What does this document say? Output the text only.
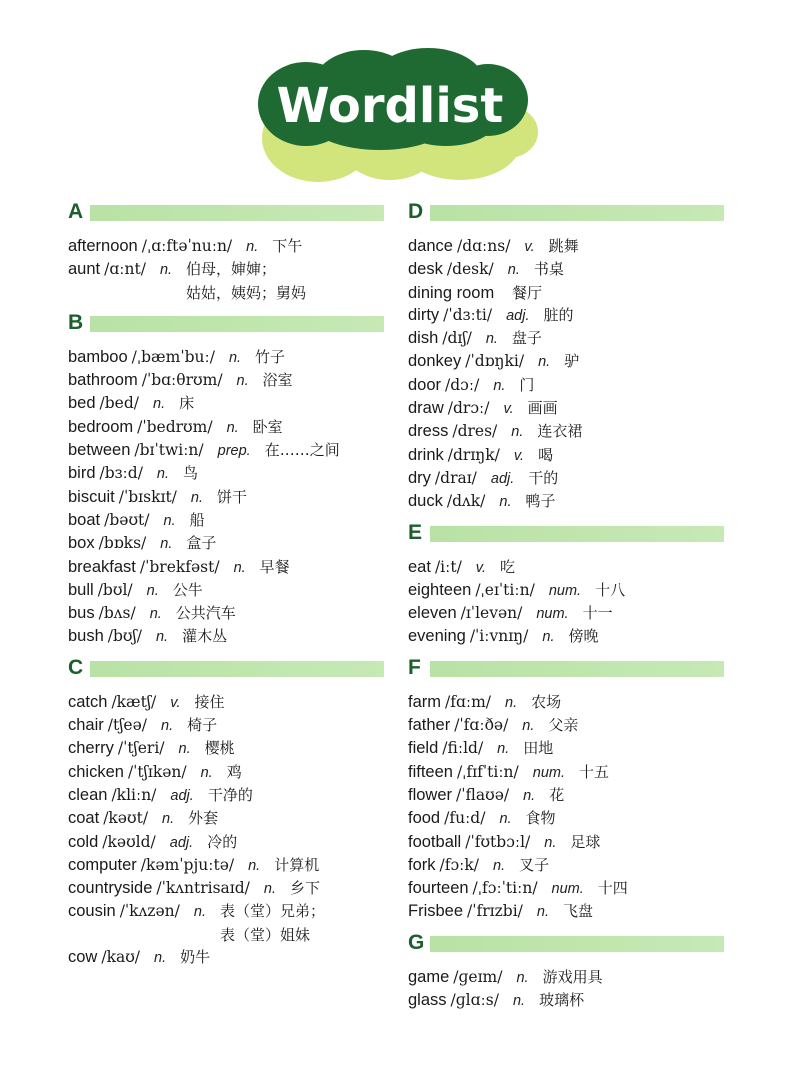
Wordlist
A
afternoon /ˌɑːftəˈnuːn/ n. 下午
aunt /ɑːnt/ n. 伯母，婶婶；
姑姑，姨妈；舅妈
B
bamboo /ˌbæmˈbuː/ n. 竹子
bathroom /ˈbɑːθrʊm/ n. 浴室
bed /bed/ n. 床
bedroom /ˈbedrʊm/ n. 卧室
between /bɪˈtwiːn/ prep. 在……之间
bird /bɜːd/ n. 鸟
biscuit /ˈbɪskɪt/ n. 饼干
boat /bəʊt/ n. 船
box /bɒks/ n. 盒子
breakfast /ˈbrekfəst/ n. 早餐
bull /bʊl/ n. 公牛
bus /bʌs/ n. 公共汽车
bush /bʊʃ/ n. 灌木丛
C
catch /kætʃ/ v. 接住
chair /tʃeə/ n. 椅子
cherry /ˈtʃeri/ n. 樱桃
chicken /ˈtʃɪkən/ n. 鸡
clean /kliːn/ adj. 干净的
coat /kəʊt/ n. 外套
cold /kəʊld/ adj. 冷的
computer /kəmˈpjuːtə/ n. 计算机
countryside /ˈkʌntrisaɪd/ n. 乡下
cousin /ˈkʌzən/ n. 表（堂）兄弟；
表（堂）姐妹
cow /kaʊ/ n. 奶牛
D
dance /dɑːns/ v. 跳舞
desk /desk/ n. 书桌
dining room 餐厅
dirty /ˈdɜːti/ adj. 脏的
dish /dɪʃ/ n. 盘子
donkey /ˈdɒŋki/ n. 驴
door /dɔː/ n. 门
draw /drɔː/ v. 画画
dress /dres/ n. 连衣裙
drink /drɪŋk/ v. 喝
dry /draɪ/ adj. 干的
duck /dʌk/ n. 鸭子
E
eat /iːt/ v. 吃
eighteen /ˌeɪˈtiːn/ num. 十八
eleven /ɪˈlevən/ num. 十一
evening /ˈiːvnɪŋ/ n. 傍晚
F
farm /fɑːm/ n. 农场
father /ˈfɑːðə/ n. 父亲
field /fiːld/ n. 田地
fifteen /ˌfɪfˈtiːn/ num. 十五
flower /ˈflaʊə/ n. 花
food /fuːd/ n. 食物
football /ˈfʊtbɔːl/ n. 足球
fork /fɔːk/ n. 叉子
fourteen /ˌfɔːˈtiːn/ num. 十四
Frisbee /ˈfrɪzbi/ n. 飞盘
G
game /ɡeɪm/ n. 游戏用具
glass /ɡlɑːs/ n. 玻璃杯
